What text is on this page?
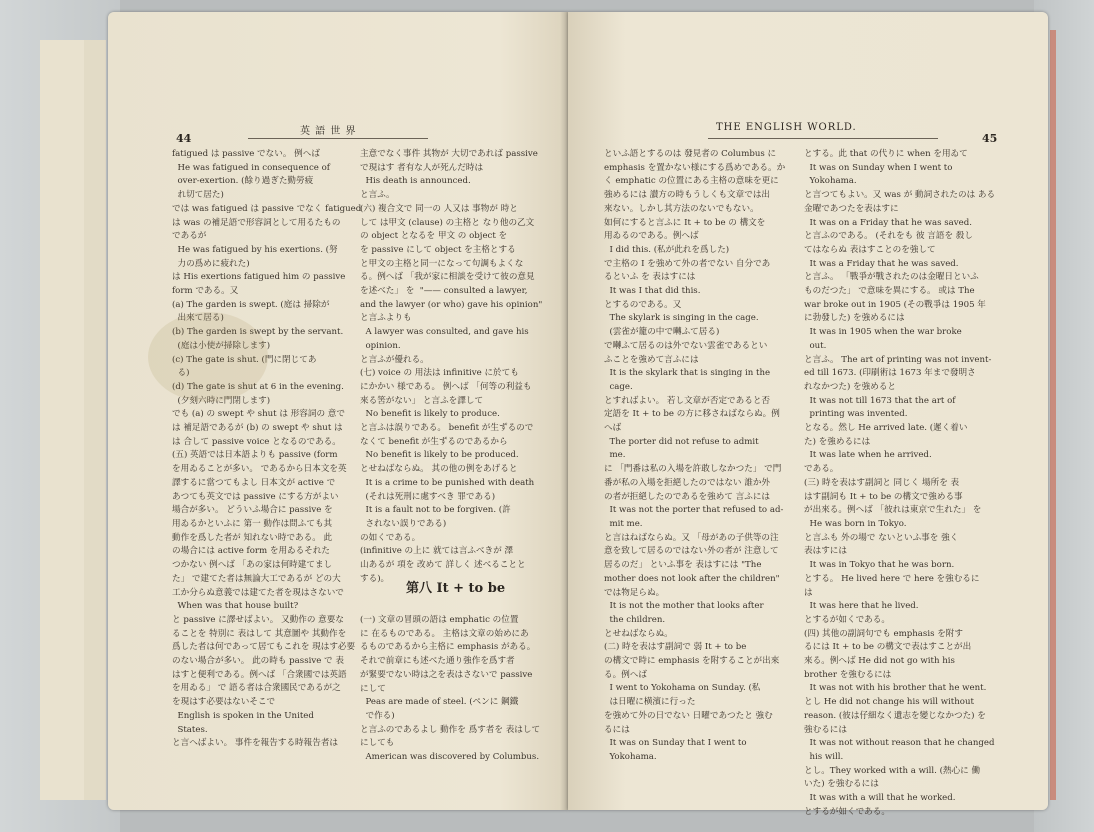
44
英 語 世 界

fatigued は passive でない。 例へば

He was fatigued in consequence of

over-exertion. (餘り過ぎた勤勞疲

れ切て居た)

では was fatigued は passive でなく fatigued

は was の補足語で形容詞として用るたもの

であるが

He was fatigued by his exertions. (努

力の爲めに疲れた)

は His exertions fatigued him の passive

form である。又

(a) The garden is swept. (庭は 掃除が

出來て居る)

(b) The garden is swept by the servant.

(庭は小使が掃除します)

(c) The gate is shut. (門に閉じてあ

る)

(d) The gate is shut at 6 in the evening.

(夕刻六時に門閉します)

でも (a) の swept や shut は 形容詞の 意で

は 補足語であるが (b) の swept や shut は

は 合して passive voice となるのである。

(五) 英語では日本語よりも passive (form

を用ゐることが多い。 であるから日本文を英

譯するに當つてもよし 日本文が active で

あつても英文では passive にする方がよい

場合が多い。 どういふ場合に passive を

用ゐるかといふに 第一 動作は問ふても其

動作を爲した者が 知れない時である。 此

の場合には active form を用ゐるそれた

つかない 例へば 「あの家は何時建てまし

た」 で建てた者は無論大工であるが どの大

工か分らぬ意義では建てた者を現はさないで

When was that house built?

と passive に譯せばよい。 又動作の 意要な

ることを 特別に 表はして 其意圖や 其動作を

爲した者は何であって居てもこれを 現はす必要

のない場合が多い。 此の時も passive で 表

はすと便利である。例へば 「合衆國では英語

を用ゐる」 で 語る者は合衆國民であるが之

を現はす必要はないそこで

English is spoken in the United

States.

と言へばよい。 事件を報告する時報告者は

主意でなく事件 其物が 大切であれば passive

で現はす 者有な人が死んだ時は

His death is announced.

と言ふ。

(六) 複合文で 同一の 人又は 事物が 時と

して は甲文 (clause) の主格と なり他の乙文

の object となるを 甲文 の object を

を passive にして object を主格とする

と甲文の主格と同一になって句調もよくな

る。例へば 「我が家に相談を受けて彼の意見

を述べた」 を  "—— consulted a lawyer,

and the lawyer (or who) gave his opinion"

と言ふよりも

A lawyer was consulted, and gave his

opinion.

と言ふが優れる。

(七) voice の 用法は infinitive に於ても

にかかい 様である。 例へば 「何等の利益も

來る筈がない」 と言ふを譯して

No benefit is likely to produce.

と言ふは誤りである。 benefit が生ずるので

なくて benefit が生ずるのであるから

No benefit is likely to be produced.

とせねばならぬ。 其の他の例をあげると

It is a crime to be punished with death

(それは死刑に處すべき 罪である)

It is a fault not to be forgiven. (許

されない誤りである)

の如くである。

(infinitive の上に 就ては言ふべきが 澤

山あるが 項を 改めて 詳しく 述べることと

する)。

(一) 文章の冒頭の語は emphatic の位置

に 在るものである。 主格は文章の始めにあ

るものであるから主格に emphasis がある。

それで前章にも述べた通り強作を爲す者

が緊要でない時は之を表はさないで passive

にして

Peas are made of steel. (ペンに 鋼鐵

で作る)

と言ふのであるよし 動作を 爲す者を 表はして

にしても

American was discovered by Columbus.

第八 It + to be
THE ENGLISH WORLD.
45

といふ語とするのは 發見者の Columbus に

emphasis を置かない様にする爲めである。か

く emphatic の位置にある主格の意味を更に

強めるには 讃方の時もうしくも文章では出

來ない。しかし其方法のないでもない。

如何にすると言ふに It + to be の 構文を

用ゐるのである。例へば

I did this. (私が此れを爲した)

で主格の I を強めて外の者でない 自分であ

るといふ を 表はすには

It was I that did this.

とするのである。又

The skylark is singing in the cage.

(雲雀が籠の中で囀ふて居る)

で囀ふて居るのは外でない雲雀であるとい

ふことを強めて言ふには

It is the skylark that is singing in the

cage.

とすればよい。 若し文章が否定であると否

定語を It + to be の方に移さねばならぬ。例

へば

The porter did not refuse to admit

me.

に 「門番は私の入場を許敢しなかつた」 で門

番が私の入場を拒絕したのではない 誰か外

の者が拒絕したのであるを強めて 言ふには

It was not the porter that refused to ad-

mit me.

と言はねばならぬ。又 「母があの子供等の注

意を致して居るのではない外の者が 注意して

居るのだ」 といふ事を 表はすには "The

mother does not look after the children"

では物足らぬ。

It is not the mother that looks after

the children.

とせねばならぬ。

(二) 時を表はす副詞で 弱 It + to be

の構文で時に emphasis を附することが出來

る。例へば

I went to Yokohama on Sunday. (私

は日曜に横濱に行った

を強めて外の日でない 日曜であつたと 強む

るには

It was on Sunday that I went to

Yokohama.

とする。此 that の代りに when を用ゐて

It was on Sunday when I went to

Yokohama.

と言つてもよい。又 was が 動詞されたのは ある

金曜であつたを表はすに

It was on a Friday that he was saved.

と言ふのである。 (それをも 彼 言語を 殺し

てはならぬ 表はすことのを強して

It was a Friday that he was saved.

と言ふ。 「戰爭が戰されたのは金曜日といふ

ものだつた」 で意味を異にする。 或は The

war broke out in 1905 (その戰爭は 1905 年

に勃發した) を強めるには

It was in 1905 when the war broke

out.

と言ふ。 The art of printing was not invent-

ed till 1673. (印刷術は 1673 年まで發明さ

れなかつた) を強めると

It was not till 1673 that the art of

printing was invented.

となる。然し He arrived late. (遲く着い

た) を強めるには

It was late when he arrived.

である。

(三) 時を表はす副詞と 同じく 場所を 表

はす副詞も It + to be の構文で強める事

が出來る。例へば 「彼れは東京で生れた」 を

He was born in Tokyo.

と言ふも 外の場で ないといふ事を 強く

表はすには

It was in Tokyo that he was born.

とする。 He lived here で here を強むるに

は

It was here that he lived.

とするが如くである。

(四) 其他の副詞句でも emphasis を附す

るには It + to be の構文で表はすことが出

來る。例へば He did not go with his

brother を強むるには

It was not with his brother that he went.

とし He did not change his will without

reason. (彼は仔細なく遺志を變じなかつた) を

強むるには

It was not without reason that he changed

his will.

とし。They worked with a will. (熱心に 働

いた) を強むるには

It was with a will that he worked.

とするが如くである。
